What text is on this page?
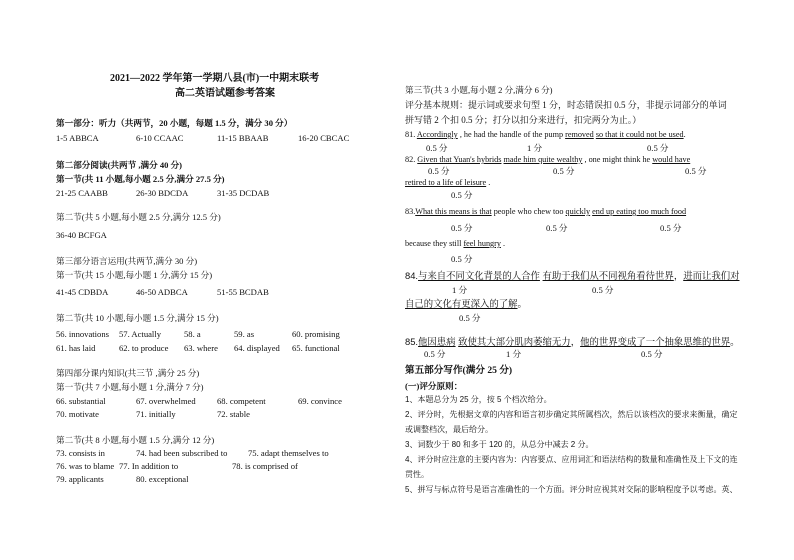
2021—2022 学年第一学期八县(市)一中期末联考
高二英语试题参考答案
第一部分：听力（共两节，20 小题，每题 1.5 分，满分 30 分）
1-5 ABBCA	6-10 CCAAC	11-15 BBAAB	16-20 CBCAC
第二部分阅读(共两节 ,满分 40 分)
第一节(共 11 小题,每小题 2.5 分,满分 27.5 分)
21-25 CAABB	26-30 BDCDA	31-35 DCDAB
第二节(共 5 小题,每小题 2.5 分,满分 12.5 分)
36-40 BCFGA
第三部分语言运用(共两节,满分 30 分)
第一节(共 15 小题,每小题 1 分,满分 15 分)
41-45 CDBDA	46-50 ADBCA	51-55 BCDAB
第二节(共 10 小题,每小题 1.5 分,满分 15 分)
56. innovations 57. Actually	58. a	59. as	60. promising
61. has laid	62. to produce 63. where 64. displayed 65. functional
第四部分课内知识(共三节 ,满分 25 分)
第一节(共 7 小题,每小题 1 分,满分 7 分)
66. substantial	67. overwhelmed 68. competent	69. convince
70. motivate	71. initially	72. stable
第二节(共 8 小题,每小题 1.5 分,满分 12 分)
73. consists in	74. had been subscribed to 75. adapt themselves to
76. was to blame 77. In addition to	78. is comprised of
79. applicants	80. exceptional
第三节(共 3 小题,每小题 2 分,满分 6 分)
评分基本规则：提示词或要求句型 1 分，时态错误扣 0.5 分，非提示词部分的单词
拼写错 2 个扣 0.5 分；打分以扣分来进行，扣完两分为止。）
81. Accordingly , he had the handle of the pump removed so that it could not be used.
0.5 分	1 分	0.5 分
82. Given that Yuan's hybrids made him quite wealthy , one might think he would have
0.5 分	0.5 分	0.5 分
retired to a life of leisure .
0.5 分
83.What this means is that people who chew too quickly end up eating too much food
0.5 分	0.5 分	0.5 分
because they still feel hungry .
0.5 分
84.与来自不同文化背景的人合作 有助于我们从不同视角看待世界，进而让我们对
1 分	0.5 分
自己的文化有更深入的了解。
0.5 分
85.他因患病 致使其大部分肌肉萎缩无力，他的世界变成了一个抽象思维的世界。
0.5 分	1 分	0.5 分
第五部分写作(满分 25 分)
(一)评分原则：
1、本题总分为 25 分，按 5 个档次给分。
2、评分时，先根据文章的内容和语言初步确定其所属档次，然后以该档次的要求来衡量，确定
或调整档次，最后给分。
3、词数少于 80 和多于 120 的，从总分中减去 2 分。
4、评分时应注意的主要内容为：内容要点、应用词汇和语法结构的数量和准确性及上下文的连
贯性。
5、拼写与标点符号是语言准确性的一个方面。评分时应视其对交际的影响程度予以考虑。英、
